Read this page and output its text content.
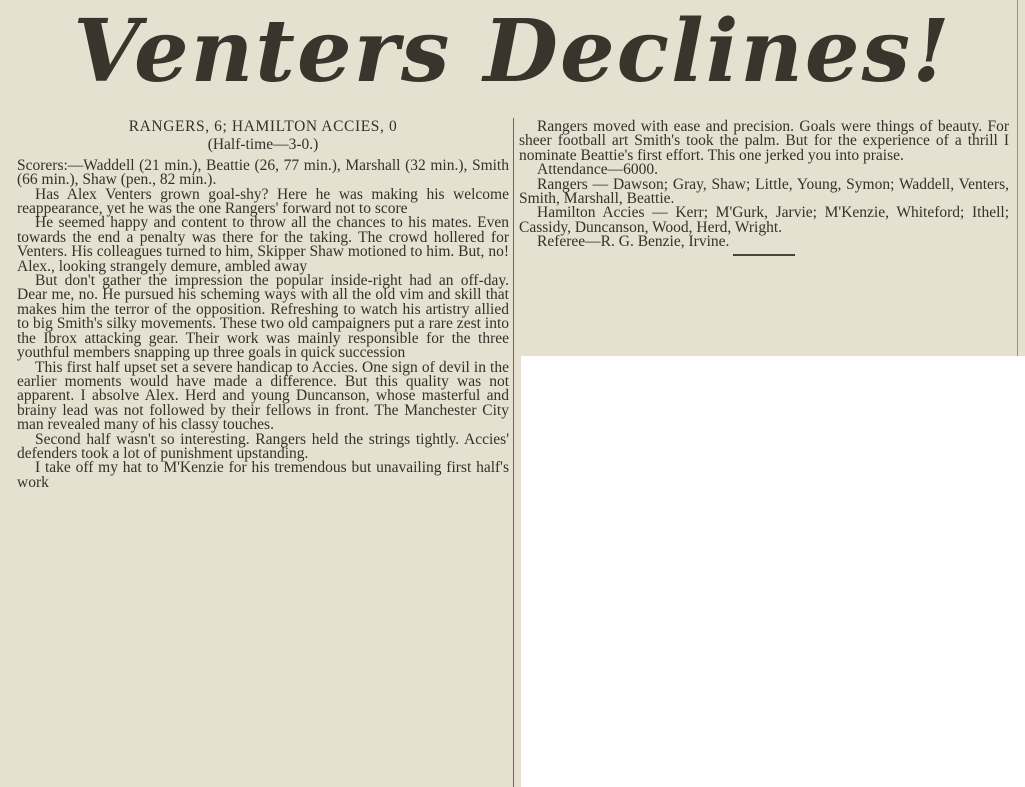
Venters Declines!

RANGERS, 6; HAMILTON ACCIES, 0

(Half-time—3-0.)

Scorers:—Waddell (21 min.), Beattie (26, 77 min.), Marshall (32 min.), Smith (66 min.), Shaw (pen., 82 min.).

Has Alex Venters grown goal-shy? Here he was making his welcome reappearance, yet he was the one Rangers' forward not to score

He seemed happy and content to throw all the chances to his mates. Even towards the end a penalty was there for the taking. The crowd hollered for Venters. His colleagues turned to him, Skipper Shaw motioned to him. But, no! Alex., looking strangely demure, ambled away

But don't gather the impression the popular inside-right had an off-day. Dear me, no. He pursued his scheming ways with all the old vim and skill that makes him the terror of the opposition. Refreshing to watch his artistry allied to big Smith's silky movements. These two old campaigners put a rare zest into the Ibrox attacking gear. Their work was mainly responsible for the three youthful members snapping up three goals in quick succession

This first half upset set a severe handicap to Accies. One sign of devil in the earlier moments would have made a difference. But this quality was not apparent. I absolve Alex. Herd and young Duncanson, whose masterful and brainy lead was not followed by their fellows in front. The Manchester City man revealed many of his classy touches.

Second half wasn't so interesting. Rangers held the strings tightly. Accies' defenders took a lot of punishment upstanding.

I take off my hat to M'Kenzie for his tremendous but unavailing first half's work

Rangers moved with ease and precision. Goals were things of beauty. For sheer football art Smith's took the palm. But for the experience of a thrill I nominate Beattie's first effort. This one jerked you into praise.

Attendance—6000.

Rangers — Dawson; Gray, Shaw; Little, Young, Symon; Waddell, Venters, Smith, Marshall, Beattie.

Hamilton Accies — Kerr; M'Gurk, Jarvie; M'Kenzie, Whiteford; Ithell; Cassidy, Duncanson, Wood, Herd, Wright.

Referee—R. G. Benzie, Irvine.
